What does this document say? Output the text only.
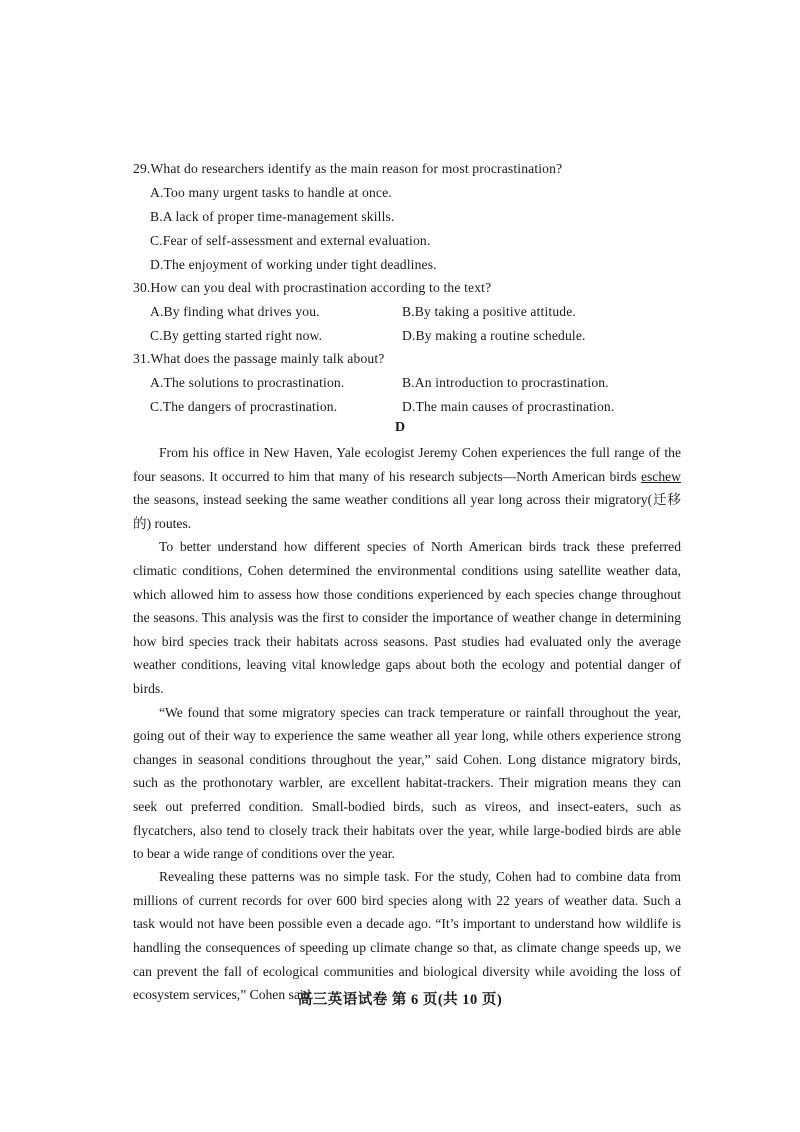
29.What do researchers identify as the main reason for most procrastination?
A.Too many urgent tasks to handle at once.
B.A lack of proper time-management skills.
C.Fear of self-assessment and external evaluation.
D.The enjoyment of working under tight deadlines.
30.How can you deal with procrastination according to the text?
A.By finding what drives you.	B.By taking a positive attitude.
C.By getting started right now.	D.By making a routine schedule.
31.What does the passage mainly talk about?
A.The solutions to procrastination.	B.An introduction to procrastination.
C.The dangers of procrastination.	D.The main causes of procrastination.
D

From his office in New Haven, Yale ecologist Jeremy Cohen experiences the full range of the four seasons. It occurred to him that many of his research subjects—North American birds eschew the seasons, instead seeking the same weather conditions all year long across their migratory(迁移的) routes.

To better understand how different species of North American birds track these preferred climatic conditions, Cohen determined the environmental conditions using satellite weather data, which allowed him to assess how those conditions experienced by each species change throughout the seasons. This analysis was the first to consider the importance of weather change in determining how bird species track their habitats across seasons. Past studies had evaluated only the average weather conditions, leaving vital knowledge gaps about both the ecology and potential danger of birds.

“We found that some migratory species can track temperature or rainfall throughout the year, going out of their way to experience the same weather all year long, while others experience strong changes in seasonal conditions throughout the year,” said Cohen. Long distance migratory birds, such as the prothonotary warbler, are excellent habitat-trackers. Their migration means they can seek out preferred condition. Small-bodied birds, such as vireos, and insect-eaters, such as flycatchers, also tend to closely track their habitats over the year, while large-bodied birds are able to bear a wide range of conditions over the year.

Revealing these patterns was no simple task. For the study, Cohen had to combine data from millions of current records for over 600 bird species along with 22 years of weather data. Such a task would not have been possible even a decade ago. “It’s important to understand how wildlife is handling the consequences of speeding up climate change so that, as climate change speeds up, we can prevent the fall of ecological communities and biological diversity while avoiding the loss of ecosystem services,” Cohen said.

高三英语试卷 第 6 页(共 10 页)
